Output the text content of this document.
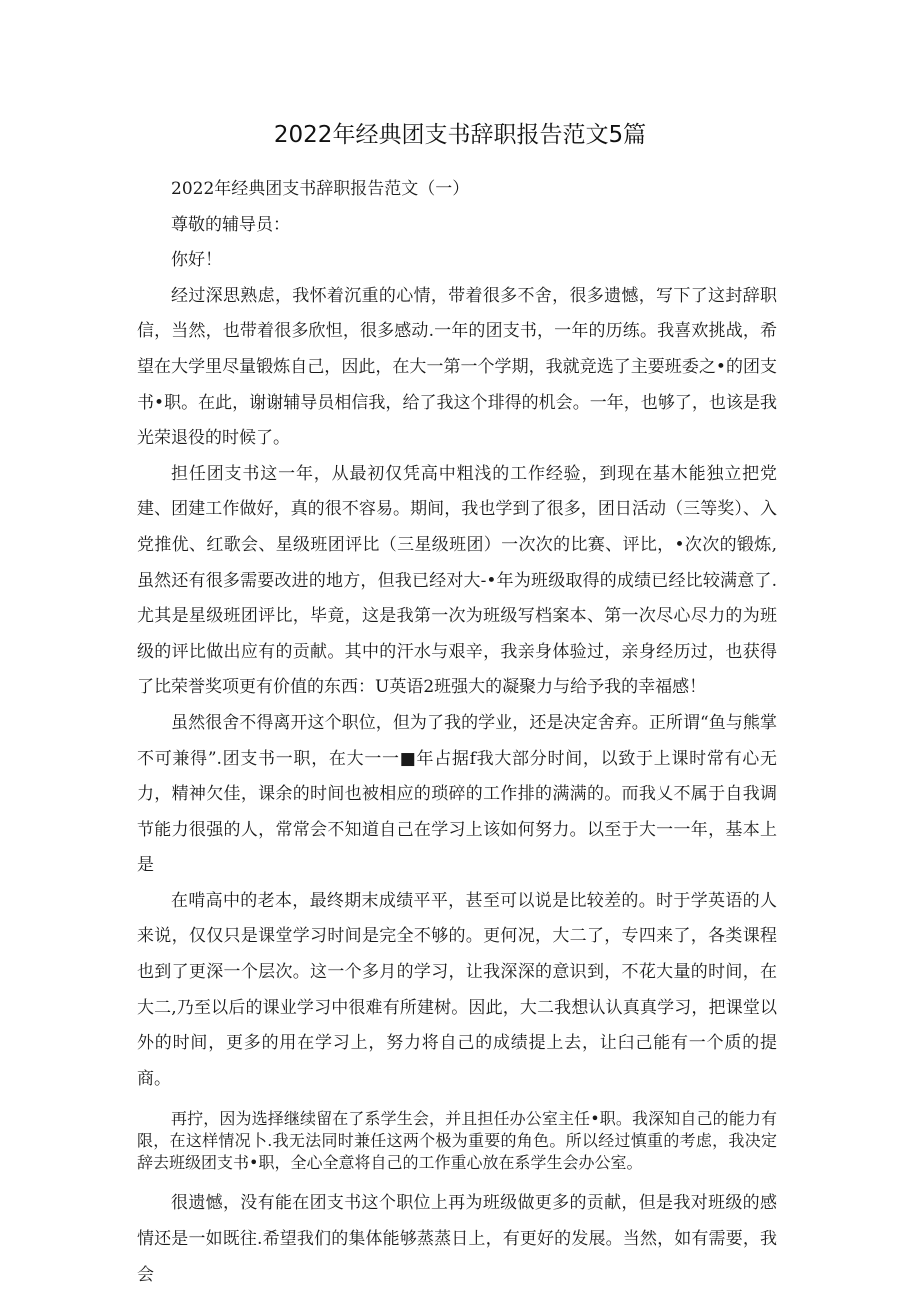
2022年经典团支书辞职报告范文5篇

2022年经典团支书辞职报告范文（一）

尊敬的辅导员：

你好！

经过深思熟虑，我怀着沉重的心情，带着很多不舍，很多遗憾，写下了这封辞职信，当然，也带着很多欣怛，很多感动.一年的团支书，一年的历练。我喜欢挑战，希望在大学里尽量锻炼自己，因此，在大一第一个学期，我就竞选了主要班委之•的团支书•职。在此，谢谢辅导员相信我，给了我这个琲得的机会。一年，也够了，也该是我光荣退役的时候了。

担任团支书这一年，从最初仅凭高中粗浅的工作经验，到现在基木能独立把党建、团建工作做好，真的很不容易。期间，我也学到了很多，团日活动（三等奖）、入党推优、红歌会、星级班团评比（三星级班团）一次次的比赛、评比，•次次的锻炼,虽然还有很多需要改进的地方，但我已经对大-•年为班级取得的成绩已经比较满意了.尤其是星级班团评比，毕竟，这是我第一次为班级写档案本、第一次尽心尽力的为班级的评比做出应有的贡献。其中的汗水与艰辛，我亲身体验过，亲身经历过，也获得了比荣誉奖项更有价值的东西：U英语2班强大的凝聚力与给予我的幸福感！

虽然很舍不得离开这个职位，但为了我的学业，还是决定舍弃。正所谓“鱼与熊掌不可兼得”.团支书一职，在大一一■年占据f我大部分时间，以致于上课时常有心无力，精神欠佳，课余的时间也被相应的琐碎的工作排的满满的。而我乂不属于自我调节能力很强的人，常常会不知道自己在学习上该如何努力。以至于大一一年，基本上是

在啃高中的老本，最终期末成绩平平，甚至可以说是比较差的。时于学英语的人来说，仅仅只是课堂学习时间是完全不够的。更何况，大二了，专四来了，各类课程也到了更深一个层次。这一个多月的学习，让我深深的意识到，不花大量的时间，在大二,乃至以后的课业学习中很难有所建树。因此，大二我想认认真真学习，把课堂以外的时间，更多的用在学习上，努力将自己的成绩提上去，让臼己能有一个质的提商。

再拧，因为选择继续留在了系学生会，并且担任办公室主任•职。我深知自己的能力有限，在这样情况卜.我无法同时兼任这两个极为重要的角色。所以经过慎重的考虑，我决定辞去班级团支书•职，全心全意将自己的工作重心放在系学生会办公室。

很遗憾，没有能在团支书这个职位上再为班级做更多的贡献，但是我对班级的感情还是一如既往.希望我们的集体能够蒸蒸日上，有更好的发展。当然，如有需要，我会
